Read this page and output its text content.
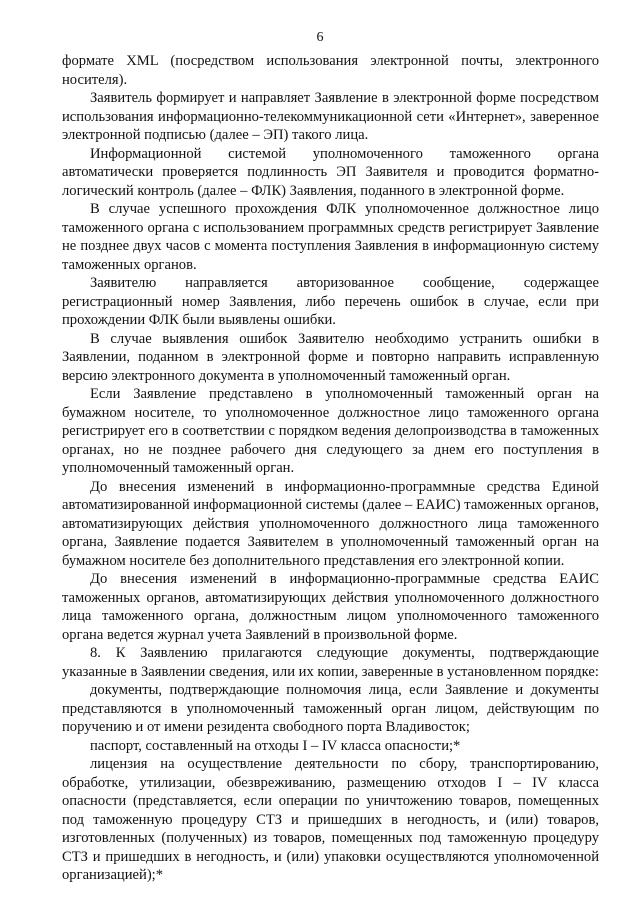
6

формате XML (посредством использования электронной почты, электронного носителя).

Заявитель формирует и направляет Заявление в электронной форме посредством использования информационно-телекоммуникационной сети «Интернет», заверенное электронной подписью (далее – ЭП) такого лица.

Информационной системой уполномоченного таможенного органа автоматически проверяется подлинность ЭП Заявителя и проводится форматно-логический контроль (далее – ФЛК) Заявления, поданного в электронной форме.

В случае успешного прохождения ФЛК уполномоченное должностное лицо таможенного органа с использованием программных средств регистрирует Заявление не позднее двух часов с момента поступления Заявления в информационную систему таможенных органов.

Заявителю направляется авторизованное сообщение, содержащее регистрационный номер Заявления, либо перечень ошибок в случае, если при прохождении ФЛК были выявлены ошибки.

В случае выявления ошибок Заявителю необходимо устранить ошибки в Заявлении, поданном в электронной форме и повторно направить исправленную версию электронного документа в уполномоченный таможенный орган.

Если Заявление представлено в уполномоченный таможенный орган на бумажном носителе, то уполномоченное должностное лицо таможенного органа регистрирует его в соответствии с порядком ведения делопроизводства в таможенных органах, но не позднее рабочего дня следующего за днем его поступления в уполномоченный таможенный орган.

До внесения изменений в информационно-программные средства Единой автоматизированной информационной системы (далее – ЕАИС) таможенных органов, автоматизирующих действия уполномоченного должностного лица таможенного органа, Заявление подается Заявителем в уполномоченный таможенный орган на бумажном носителе без дополнительного представления его электронной копии.

До внесения изменений в информационно-программные средства ЕАИС таможенных органов, автоматизирующих действия уполномоченного должностного лица таможенного органа, должностным лицом уполномоченного таможенного органа ведется журнал учета Заявлений в произвольной форме.

8. К Заявлению прилагаются следующие документы, подтверждающие указанные в Заявлении сведения, или их копии, заверенные в установленном порядке:

документы, подтверждающие полномочия лица, если Заявление и документы представляются в уполномоченный таможенный орган лицом, действующим по поручению и от имени резидента свободного порта Владивосток;

паспорт, составленный на отходы I – IV класса опасности;*

лицензия на осуществление деятельности по сбору, транспортированию, обработке, утилизации, обезвреживанию, размещению отходов I – IV класса опасности (представляется, если операции по уничтожению товаров, помещенных под таможенную процедуру СТЗ и пришедших в негодность, и (или) товаров, изготовленных (полученных) из товаров, помещенных под таможенную процедуру СТЗ и пришедших в негодность, и (или) упаковки осуществляются уполномоченной организацией);*
